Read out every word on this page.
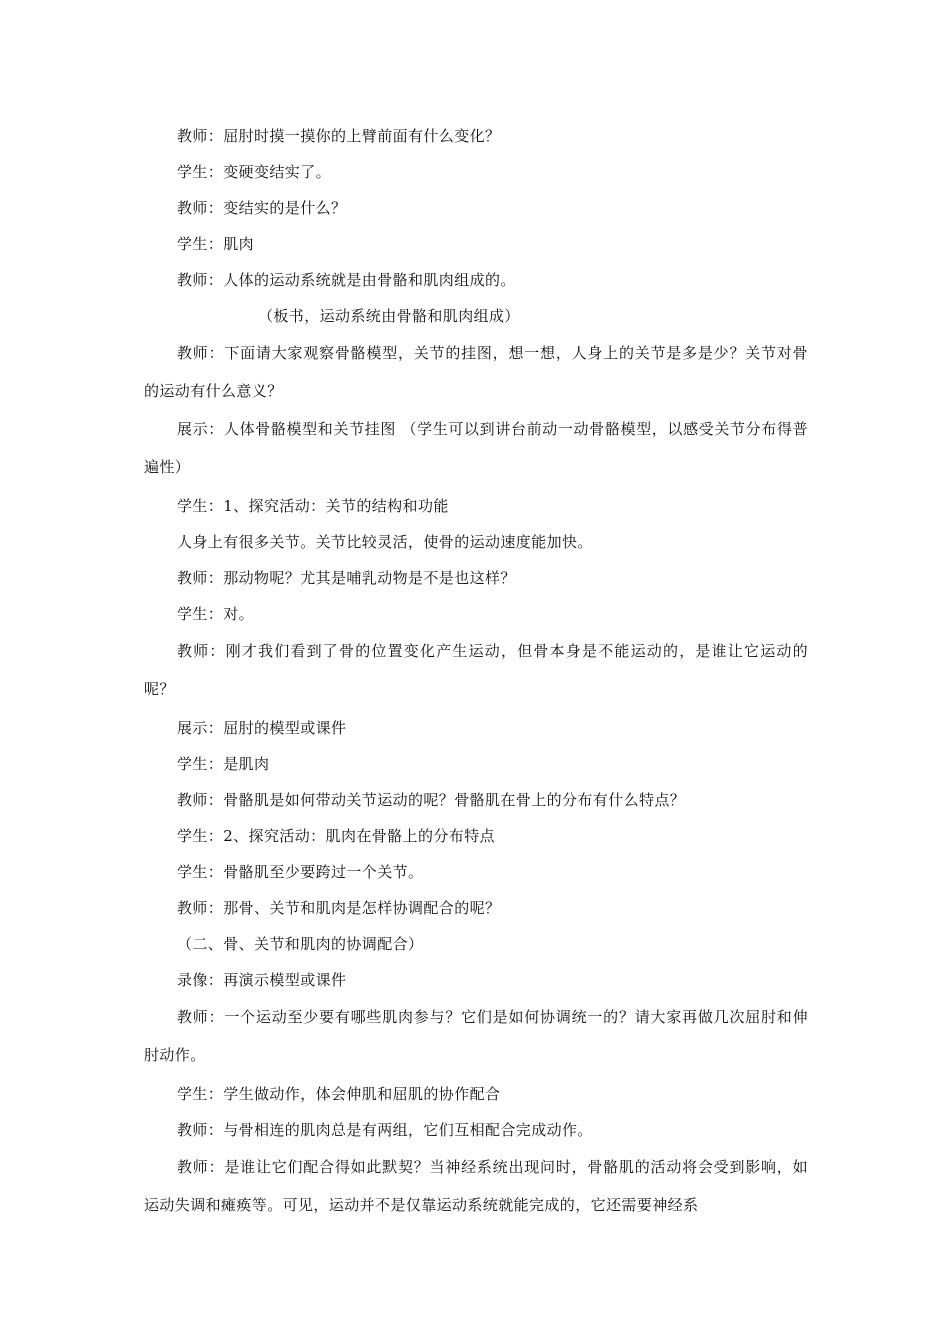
教师：屈肘时摸一摸你的上臂前面有什么变化？
学生：变硬变结实了。
教师：变结实的是什么？
学生：肌肉
教师：人体的运动系统就是由骨骼和肌肉组成的。
（板书，运动系统由骨骼和肌肉组成）
教师：下面请大家观察骨骼模型，关节的挂图，想一想，人身上的关节是多是少？关节对骨的运动有什么意义？
展示：人体骨骼模型和关节挂图 （学生可以到讲台前动一动骨骼模型，以感受关节分布得普遍性）
学生：1、探究活动：关节的结构和功能
人身上有很多关节。关节比较灵活，使骨的运动速度能加快。
教师：那动物呢？尤其是哺乳动物是不是也这样？
学生：对。
教师：刚才我们看到了骨的位置变化产生运动，但骨本身是不能运动的，是谁让它运动的呢？
展示：屈肘的模型或课件
学生：是肌肉
教师：骨骼肌是如何带动关节运动的呢？骨骼肌在骨上的分布有什么特点？
学生：2、探究活动：肌肉在骨骼上的分布特点
学生：骨骼肌至少要跨过一个关节。
教师：那骨、关节和肌肉是怎样协调配合的呢？
（二、骨、关节和肌肉的协调配合）
录像：再演示模型或课件
教师：一个运动至少要有哪些肌肉参与？它们是如何协调统一的？请大家再做几次屈肘和伸肘动作。
学生：学生做动作，体会伸肌和屈肌的协作配合
教师：与骨相连的肌肉总是有两组，它们互相配合完成动作。
教师：是谁让它们配合得如此默契？当神经系统出现问时，骨骼肌的活动将会受到影响，如运动失调和瘫痪等。可见，运动并不是仅靠运动系统就能完成的，它还需要神经系
